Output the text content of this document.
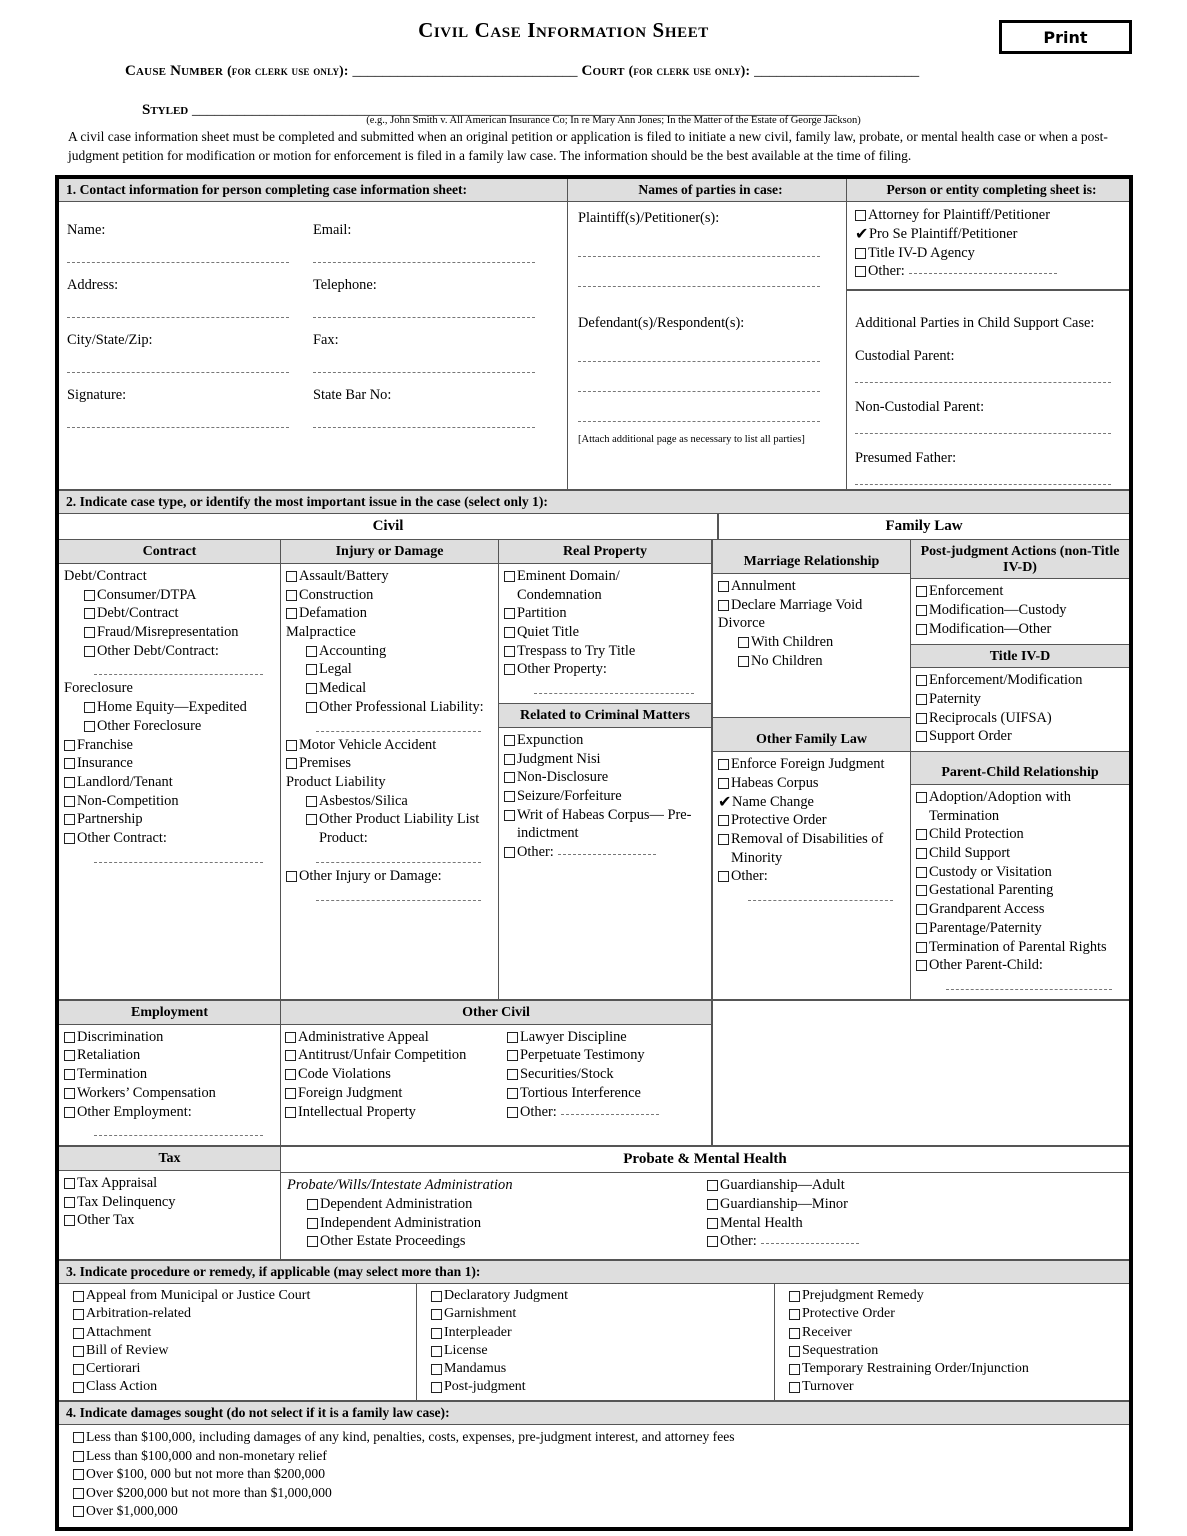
Civil Case Information Sheet	Print
Cause Number (for clerk use only): ______________________________ Court (for clerk use only): ______________________
Styled ______________________________________________________________________________________
(e.g., John Smith v. All American Insurance Co; In re Mary Ann Jones; In the Matter of the Estate of George Jackson)
A civil case information sheet must be completed and submitted when an original petition or application is filed to initiate a new civil, family law, probate, or mental health case or when a post-judgment petition for modification or motion for enforcement is filed in a family law case. The information should be the best available at the time of filing.
1. Contact information for person completing case information sheet:
Name:
Address:
City/State/Zip:
Signature:
Email:
Telephone:
Fax:
State Bar No:
Names of parties in case:
Plaintiff(s)/Petitioner(s):
Defendant(s)/Respondent(s):
[Attach additional page as necessary to list all parties]
Person or entity completing sheet is:
Attorney for Plaintiff/Petitioner
✔ Pro Se Plaintiff/Petitioner
Title IV-D Agency
Other:
Additional Parties in Child Support Case:
Custodial Parent:
Non-Custodial Parent:
Presumed Father:
2. Indicate case type, or identify the most important issue in the case (select only 1):
Civil	Family Law
Contract
Debt/Contract
Consumer/DTPA
Debt/Contract
Fraud/Misrepresentation
Other Debt/Contract:
Foreclosure
Home Equity—Expedited
Other Foreclosure
Franchise
Insurance
Landlord/Tenant
Non-Competition
Partnership
Other Contract:
Injury or Damage
Assault/Battery
Construction
Defamation
Malpractice
Accounting
Legal
Medical
Other Professional Liability:
Motor Vehicle Accident
Premises
Product Liability
Asbestos/Silica
Other Product Liability List Product:
Other Injury or Damage:
Real Property
Eminent Domain/ Condemnation
Partition
Quiet Title
Trespass to Try Title
Other Property:
Related to Criminal Matters
Expunction
Judgment Nisi
Non-Disclosure
Seizure/Forfeiture
Writ of Habeas Corpus— Pre-indictment
Other:
Marriage Relationship
Annulment
Declare Marriage Void
Divorce
With Children
No Children
Other Family Law
Enforce Foreign Judgment
Habeas Corpus
✔ Name Change
Protective Order
Removal of Disabilities of Minority
Other:
Post-judgment Actions (non-Title IV-D)
Enforcement
Modification—Custody
Modification—Other
Title IV-D
Enforcement/Modification
Paternity
Reciprocals (UIFSA)
Support Order
Parent-Child Relationship
Adoption/Adoption with Termination
Child Protection
Child Support
Custody or Visitation
Gestational Parenting
Grandparent Access
Parentage/Paternity
Termination of Parental Rights
Other Parent-Child:
Employment
Discrimination
Retaliation
Termination
Workers’ Compensation
Other Employment:
Other Civil
Administrative Appeal
Antitrust/Unfair Competition
Code Violations
Foreign Judgment
Intellectual Property
Lawyer Discipline
Perpetuate Testimony
Securities/Stock
Tortious Interference
Other:
Tax
Tax Appraisal
Tax Delinquency
Other Tax
Probate & Mental Health
Probate/Wills/Intestate Administration
Dependent Administration
Independent Administration
Other Estate Proceedings
Guardianship—Adult
Guardianship—Minor
Mental Health
Other:
3. Indicate procedure or remedy, if applicable (may select more than 1):
Appeal from Municipal or Justice Court
Arbitration-related
Attachment
Bill of Review
Certiorari
Class Action
Declaratory Judgment
Garnishment
Interpleader
License
Mandamus
Post-judgment
Prejudgment Remedy
Protective Order
Receiver
Sequestration
Temporary Restraining Order/Injunction
Turnover
4. Indicate damages sought (do not select if it is a family law case):
Less than $100,000, including damages of any kind, penalties, costs, expenses, pre-judgment interest, and attorney fees
Less than $100,000 and non-monetary relief
Over $100, 000 but not more than $200,000
Over $200,000 but not more than $1,000,000
Over $1,000,000
